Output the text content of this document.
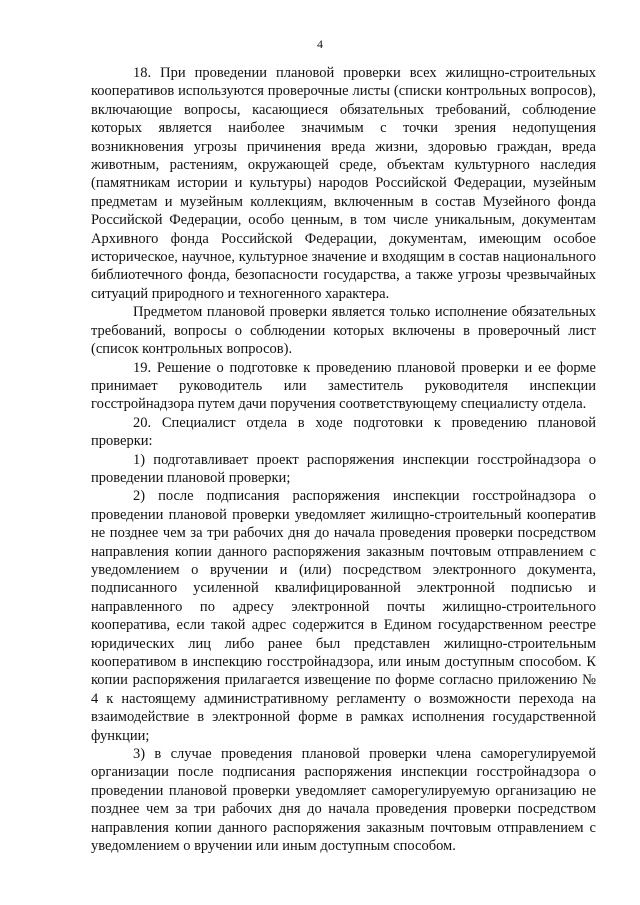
4

18. При проведении плановой проверки всех жилищно-строительных кооперативов используются проверочные листы (списки контрольных вопросов), включающие вопросы, касающиеся обязательных требований, соблюдение которых является наиболее значимым с точки зрения недопущения возникновения угрозы причинения вреда жизни, здоровью граждан, вреда животным, растениям, окружающей среде, объектам культурного наследия (памятникам истории и культуры) народов Российской Федерации, музейным предметам и музейным коллекциям, включенным в состав Музейного фонда Российской Федерации, особо ценным, в том числе уникальным, документам Архивного фонда Российской Федерации, документам, имеющим особое историческое, научное, культурное значение и входящим в состав национального библиотечного фонда, безопасности государства, а также угрозы чрезвычайных ситуаций природного и техногенного характера.

Предметом плановой проверки является только исполнение обязательных требований, вопросы о соблюдении которых включены в проверочный лист (список контрольных вопросов).

19. Решение о подготовке к проведению плановой проверки и ее форме принимает руководитель или заместитель руководителя инспекции госстройнадзора путем дачи поручения соответствующему специалисту отдела.

20. Специалист отдела в ходе подготовки к проведению плановой проверки:

1) подготавливает проект распоряжения инспекции госстройнадзора о проведении плановой проверки;

2) после подписания распоряжения инспекции госстройнадзора о проведении плановой проверки уведомляет жилищно-строительный кооператив не позднее чем за три рабочих дня до начала проведения проверки посредством направления копии данного распоряжения заказным почтовым отправлением с уведомлением о вручении и (или) посредством электронного документа, подписанного усиленной квалифицированной электронной подписью и направленного по адресу электронной почты жилищно-строительного кооператива, если такой адрес содержится в Едином государственном реестре юридических лиц либо ранее был представлен жилищно-строительным кооперативом в инспекцию госстройнадзора, или иным доступным способом. К копии распоряжения прилагается извещение по форме согласно приложению № 4 к настоящему административному регламенту о возможности перехода на взаимодействие в электронной форме в рамках исполнения государственной функции;

3) в случае проведения плановой проверки члена саморегулируемой организации после подписания распоряжения инспекции госстройнадзора о проведении плановой проверки уведомляет саморегулируемую организацию не позднее чем за три рабочих дня до начала проведения проверки посредством направления копии данного распоряжения заказным почтовым отправлением с уведомлением о вручении или иным доступным способом.
